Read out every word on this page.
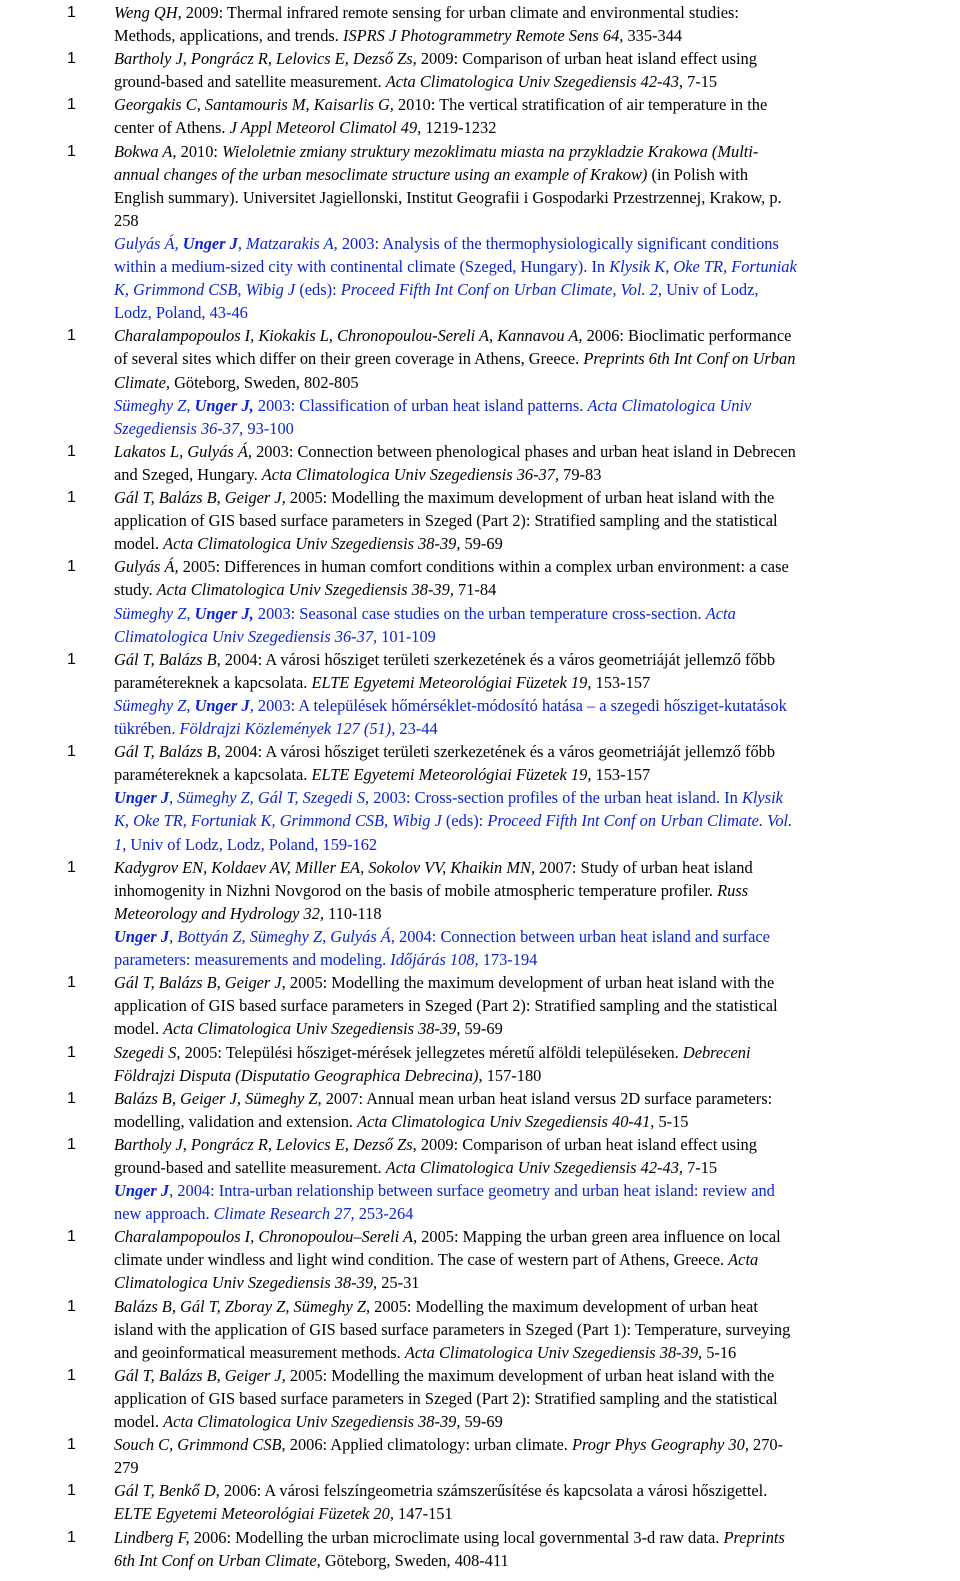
1 Weng QH, 2009: Thermal infrared remote sensing for urban climate and environmental studies:
Methods, applications, and trends. ISPRS J Photogrammetry Remote Sens 64, 335-344
1 Bartholy J, Pongrácz R, Lelovics E, Dezső Zs, 2009: Comparison of urban heat island effect using
ground-based and satellite measurement. Acta Climatologica Univ Szegediensis 42-43, 7-15
1 Georgakis C, Santamouris M, Kaisarlis G, 2010: The vertical stratification of air temperature in the
center of Athens. J Appl Meteorol Climatol 49, 1219-1232
1 Bokwa A, 2010: Wieloletnie zmiany struktury mezoklimatu miasta na przykladzie Krakowa (Multi-
annual changes of the urban mesoclimate structure using an example of Krakow) (in Polish with
English summary). Universitet Jagiellonski, Institut Geografii i Gospodarki Przestrzennej, Krakow, p.
258
Gulyás Á, Unger J, Matzarakis A, 2003: Analysis of the thermophysiologically significant conditions
within a medium-sized city with continental climate (Szeged, Hungary). In Klysik K, Oke TR, Fortuniak
K, Grimmond CSB, Wibig J (eds): Proceed Fifth Int Conf on Urban Climate, Vol. 2, Univ of Lodz,
Lodz, Poland, 43-46
1 Charalampopoulos I, Kiokakis L, Chronopoulou-Sereli A, Kannavou A, 2006: Bioclimatic performance
of several sites which differ on their green coverage in Athens, Greece. Preprints 6th Int Conf on Urban
Climate, Göteborg, Sweden, 802-805
Sümeghy Z, Unger J, 2003: Classification of urban heat island patterns. Acta Climatologica Univ
Szegediensis 36-37, 93-100
1 Lakatos L, Gulyás Á, 2003: Connection between phenological phases and urban heat island in Debrecen
and Szeged, Hungary. Acta Climatologica Univ Szegediensis 36-37, 79-83
1 Gál T, Balázs B, Geiger J, 2005: Modelling the maximum development of urban heat island with the
application of GIS based surface parameters in Szeged (Part 2): Stratified sampling and the statistical
model. Acta Climatologica Univ Szegediensis 38-39, 59-69
1 Gulyás Á, 2005: Differences in human comfort conditions within a complex urban environment: a case
study. Acta Climatologica Univ Szegediensis 38-39, 71-84
Sümeghy Z, Unger J, 2003: Seasonal case studies on the urban temperature cross-section. Acta
Climatologica Univ Szegediensis 36-37, 101-109
1 Gál T, Balázs B, 2004: A városi hősziget területi szerkezetének és a város geometriáját jellemző főbb
paramétereknek a kapcsolata. ELTE Egyetemi Meteorológiai Füzetek 19, 153-157
Sümeghy Z, Unger J, 2003: A települések hőmérséklet-módosító hatása – a szegedi hősziget-kutatások
tükrében. Földrajzi Közlemények 127 (51), 23-44
1 Gál T, Balázs B, 2004: A városi hősziget területi szerkezetének és a város geometriáját jellemző főbb
paramétereknek a kapcsolata. ELTE Egyetemi Meteorológiai Füzetek 19, 153-157
Unger J, Sümeghy Z, Gál T, Szegedi S, 2003: Cross-section profiles of the urban heat island. In Klysik
K, Oke TR, Fortuniak K, Grimmond CSB, Wibig J (eds): Proceed Fifth Int Conf on Urban Climate. Vol.
1, Univ of Lodz, Lodz, Poland, 159-162
1 Kadygrov EN, Koldaev AV, Miller EA, Sokolov VV, Khaikin MN, 2007: Study of urban heat island
inhomogenity in Nizhni Novgorod on the basis of mobile atmospheric temperature profiler. Russ
Meteorology and Hydrology 32, 110-118
Unger J, Bottyán Z, Sümeghy Z, Gulyás Á, 2004: Connection between urban heat island and surface
parameters: measurements and modeling. Időjárás 108, 173-194
1 Gál T, Balázs B, Geiger J, 2005: Modelling the maximum development of urban heat island with the
application of GIS based surface parameters in Szeged (Part 2): Stratified sampling and the statistical
model. Acta Climatologica Univ Szegediensis 38-39, 59-69
1 Szegedi S, 2005: Települési hősziget-mérések jellegzetes méretű alföldi településeken. Debreceni
Földrajzi Disputa (Disputatio Geographica Debrecina), 157-180
1 Balázs B, Geiger J, Sümeghy Z, 2007: Annual mean urban heat island versus 2D surface parameters:
modelling, validation and extension. Acta Climatologica Univ Szegediensis 40-41, 5-15
1 Bartholy J, Pongrácz R, Lelovics E, Dezső Zs, 2009: Comparison of urban heat island effect using
ground-based and satellite measurement. Acta Climatologica Univ Szegediensis 42-43, 7-15
Unger J, 2004: Intra-urban relationship between surface geometry and urban heat island: review and
new approach. Climate Research 27, 253-264
1 Charalampopoulos I, Chronopoulou–Sereli A, 2005: Mapping the urban green area influence on local
climate under windless and light wind condition. The case of western part of Athens, Greece. Acta
Climatologica Univ Szegediensis 38-39, 25-31
1 Balázs B, Gál T, Zboray Z, Sümeghy Z, 2005: Modelling the maximum development of urban heat
island with the application of GIS based surface parameters in Szeged (Part 1): Temperature, surveying
and geoinformatical measurement methods. Acta Climatologica Univ Szegediensis 38-39, 5-16
1 Gál T, Balázs B, Geiger J, 2005: Modelling the maximum development of urban heat island with the
application of GIS based surface parameters in Szeged (Part 2): Stratified sampling and the statistical
model. Acta Climatologica Univ Szegediensis 38-39, 59-69
1 Souch C, Grimmond CSB, 2006: Applied climatology: urban climate. Progr Phys Geography 30, 270-
279
1 Gál T, Benkő D, 2006: A városi felszíngeometria számszerűsítése és kapcsolata a városi hőszigettel.
ELTE Egyetemi Meteorológiai Füzetek 20, 147-151
1 Lindberg F, 2006: Modelling the urban microclimate using local governmental 3-d raw data. Preprints
6th Int Conf on Urban Climate, Göteborg, Sweden, 408-411
